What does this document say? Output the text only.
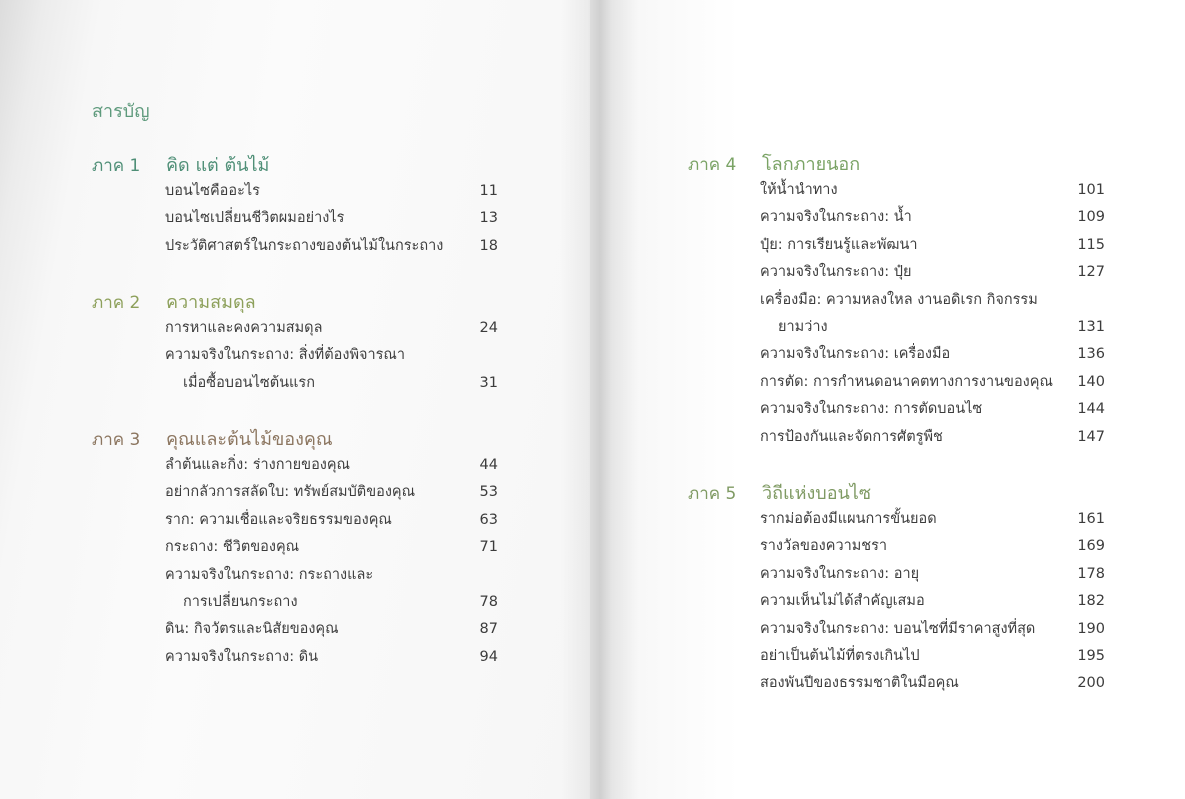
สารบัญ
ภาค 1	คิด แต่ ต้นไม้
บอนไซคืออะไร	11
บอนไซเปลี่ยนชีวิตผมอย่างไร	13
ประวัติศาสตร์ในกระถางของต้นไม้ในกระถาง 18
ภาค 2	ความสมดุล
การหาและคงความสมดุล	24
ความจริงในกระถาง: สิ่งที่ต้องพิจารณา
เมื่อซื้อบอนไซต้นแรก	31
ภาค 3	คุณและต้นไม้ของคุณ
ลำต้นและกิ่ง: ร่างกายของคุณ	44
อย่ากลัวการสลัดใบ: ทรัพย์สมบัติของคุณ	53
ราก: ความเชื่อและจริยธรรมของคุณ	63
กระถาง: ชีวิตของคุณ	71
ความจริงในกระถาง: กระถางและ
การเปลี่ยนกระถาง	78
ดิน: กิจวัตรและนิสัยของคุณ	87
ความจริงในกระถาง: ดิน	94
ภาค 4	โลกภายนอก
ให้น้ำนำทาง	101
ความจริงในกระถาง: น้ำ	109
ปุ๋ย: การเรียนรู้และพัฒนา	115
ความจริงในกระถาง: ปุ๋ย	127
เครื่องมือ: ความหลงใหล งานอดิเรก กิจกรรม
ยามว่าง	131
ความจริงในกระถาง: เครื่องมือ	136
การตัด: การกำหนดอนาคตทางการงานของคุณ 140
ความจริงในกระถาง: การตัดบอนไซ	144
การป้องกันและจัดการศัตรูพืช	147
ภาค 5	วิถีแห่งบอนไซ
รากม่อต้องมีแผนการขั้นยอด	161
รางวัลของความชรา	169
ความจริงในกระถาง: อายุ	178
ความเห็นไม่ได้สำคัญเสมอ	182
ความจริงในกระถาง: บอนไซที่มีราคาสูงที่สุด	190
อย่าเป็นต้นไม้ที่ตรงเกินไป	195
สองพันปีของธรรมชาติในมือคุณ	200
